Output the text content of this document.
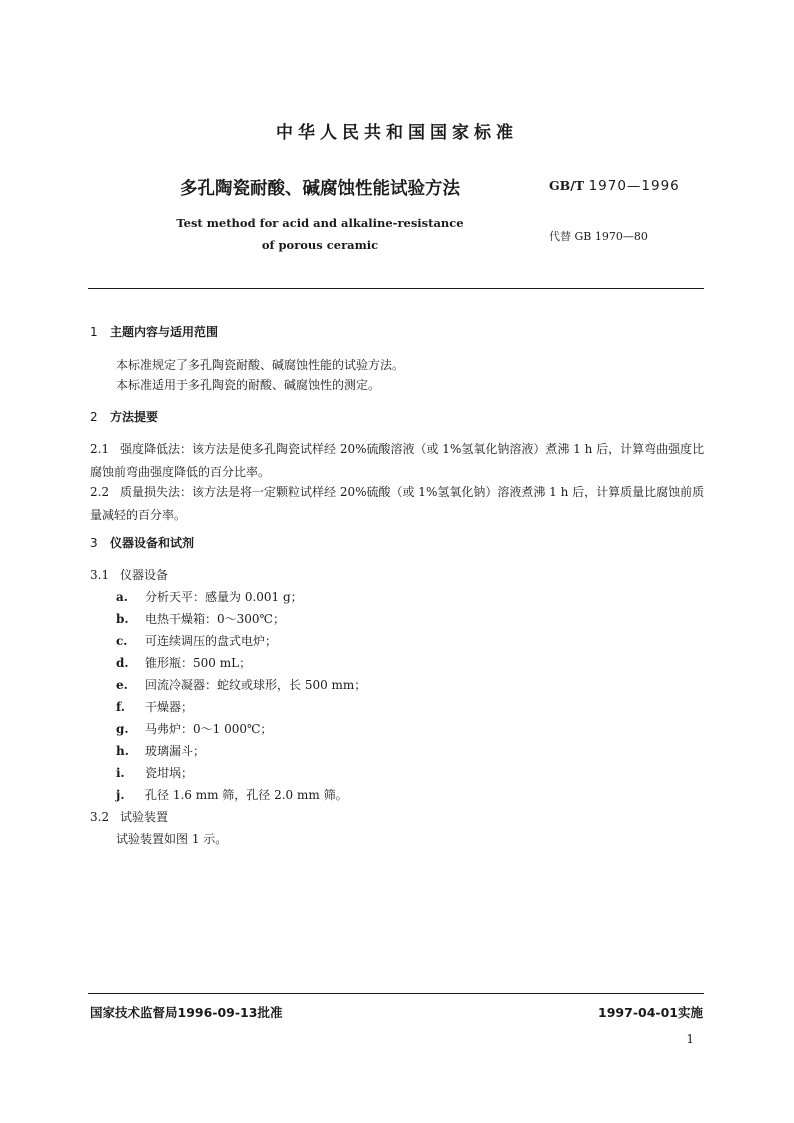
中华人民共和国国家标准
多孔陶瓷耐酸、碱腐蚀性能试验方法	GB/T 1970—1996
Test method for acid and alkaline-resistance
of porous ceramic
代替 GB 1970—80
1 主题内容与适用范围
本标准规定了多孔陶瓷耐酸、碱腐蚀性能的试验方法。
本标准适用于多孔陶瓷的耐酸、碱腐蚀性的测定。
2 方法提要
2.1 强度降低法：该方法是使多孔陶瓷试样经 20%硫酸溶液（或 1%氢氧化钠溶液）煮沸 1 h 后，计算弯曲强度比腐蚀前弯曲强度降低的百分比率。
2.2 质量损失法：该方法是将一定颗粒试样经 20%硫酸（或 1%氢氧化钠）溶液煮沸 1 h 后，计算质量比腐蚀前质量减轻的百分率。
3 仪器设备和试剂
3.1 仪器设备
a. 分析天平：感量为 0.001 g；
b. 电热干燥箱：0～300℃；
c. 可连续调压的盘式电炉；
d. 锥形瓶：500 mL；
e. 回流冷凝器：蛇纹或球形，长 500 mm；
f. 干燥器；
g. 马弗炉：0～1 000℃；
h. 玻璃漏斗；
i. 瓷坩埚；
j. 孔径 1.6 mm 筛，孔径 2.0 mm 筛。
3.2 试验装置
试验装置如图 1 示。
国家技术监督局1996-09-13批准	1997-04-01实施
1
